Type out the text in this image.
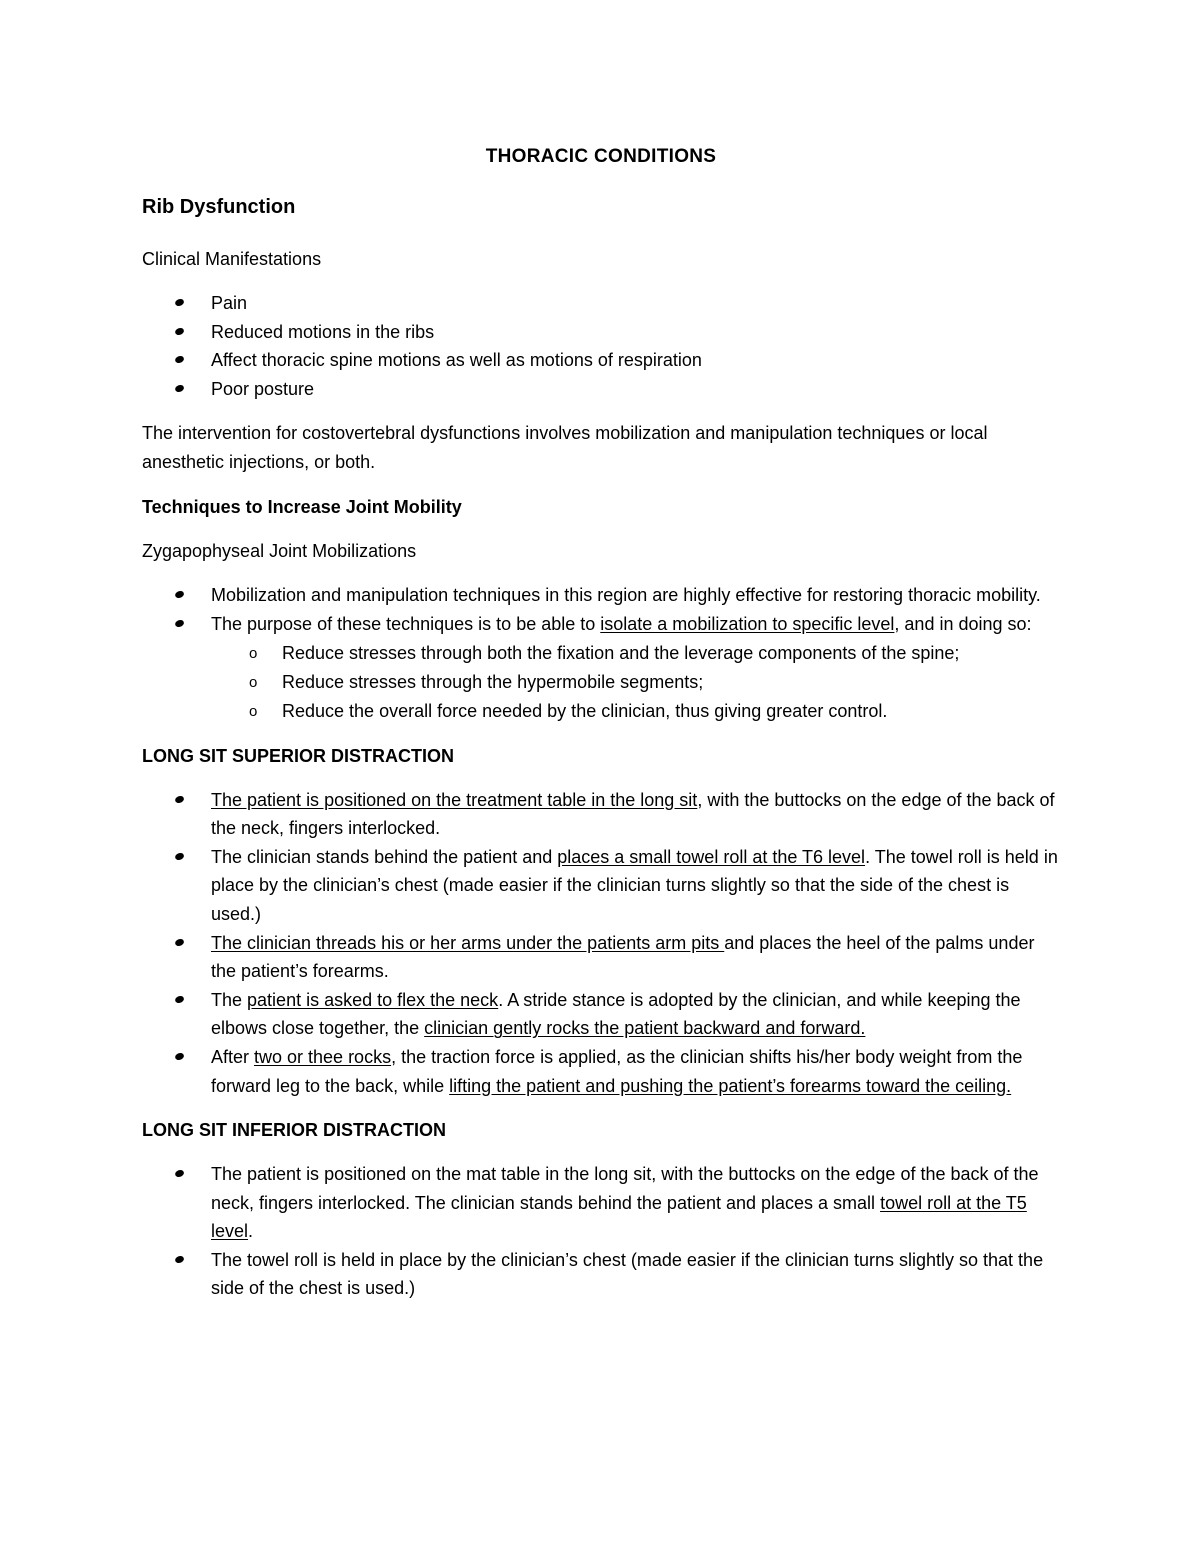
THORACIC CONDITIONS
Rib Dysfunction
Clinical Manifestations
Pain
Reduced motions in the ribs
Affect thoracic spine motions as well as motions of respiration
Poor posture

The intervention for costovertebral dysfunctions involves mobilization and manipulation techniques or local anesthetic injections, or both.

Techniques to Increase Joint Mobility
Zygapophyseal Joint Mobilizations
Mobilization and manipulation techniques in this region are highly effective for restoring thoracic mobility.
The purpose of these techniques is to be able to isolate a mobilization to specific level, and in doing so:
o Reduce stresses through both the fixation and the leverage components of the spine;
o Reduce stresses through the hypermobile segments;
o Reduce the overall force needed by the clinician, thus giving greater control.
LONG SIT SUPERIOR DISTRACTION
The patient is positioned on the treatment table in the long sit, with the buttocks on the edge of the back of the neck, fingers interlocked.
The clinician stands behind the patient and places a small towel roll at the T6 level. The towel roll is held in place by the clinician’s chest (made easier if the clinician turns slightly so that the side of the chest is used.)
The clinician threads his or her arms under the patients arm pits and places the heel of the palms under the patient’s forearms.
The patient is asked to flex the neck. A stride stance is adopted by the clinician, and while keeping the elbows close together, the clinician gently rocks the patient backward and forward.
After two or thee rocks, the traction force is applied, as the clinician shifts his/her body weight from the forward leg to the back, while lifting the patient and pushing the patient’s forearms toward the ceiling.
LONG SIT INFERIOR DISTRACTION
The patient is positioned on the mat table in the long sit, with the buttocks on the edge of the back of the neck, fingers interlocked. The clinician stands behind the patient and places a small towel roll at the T5 level.
The towel roll is held in place by the clinician’s chest (made easier if the clinician turns slightly so that the side of the chest is used.)
